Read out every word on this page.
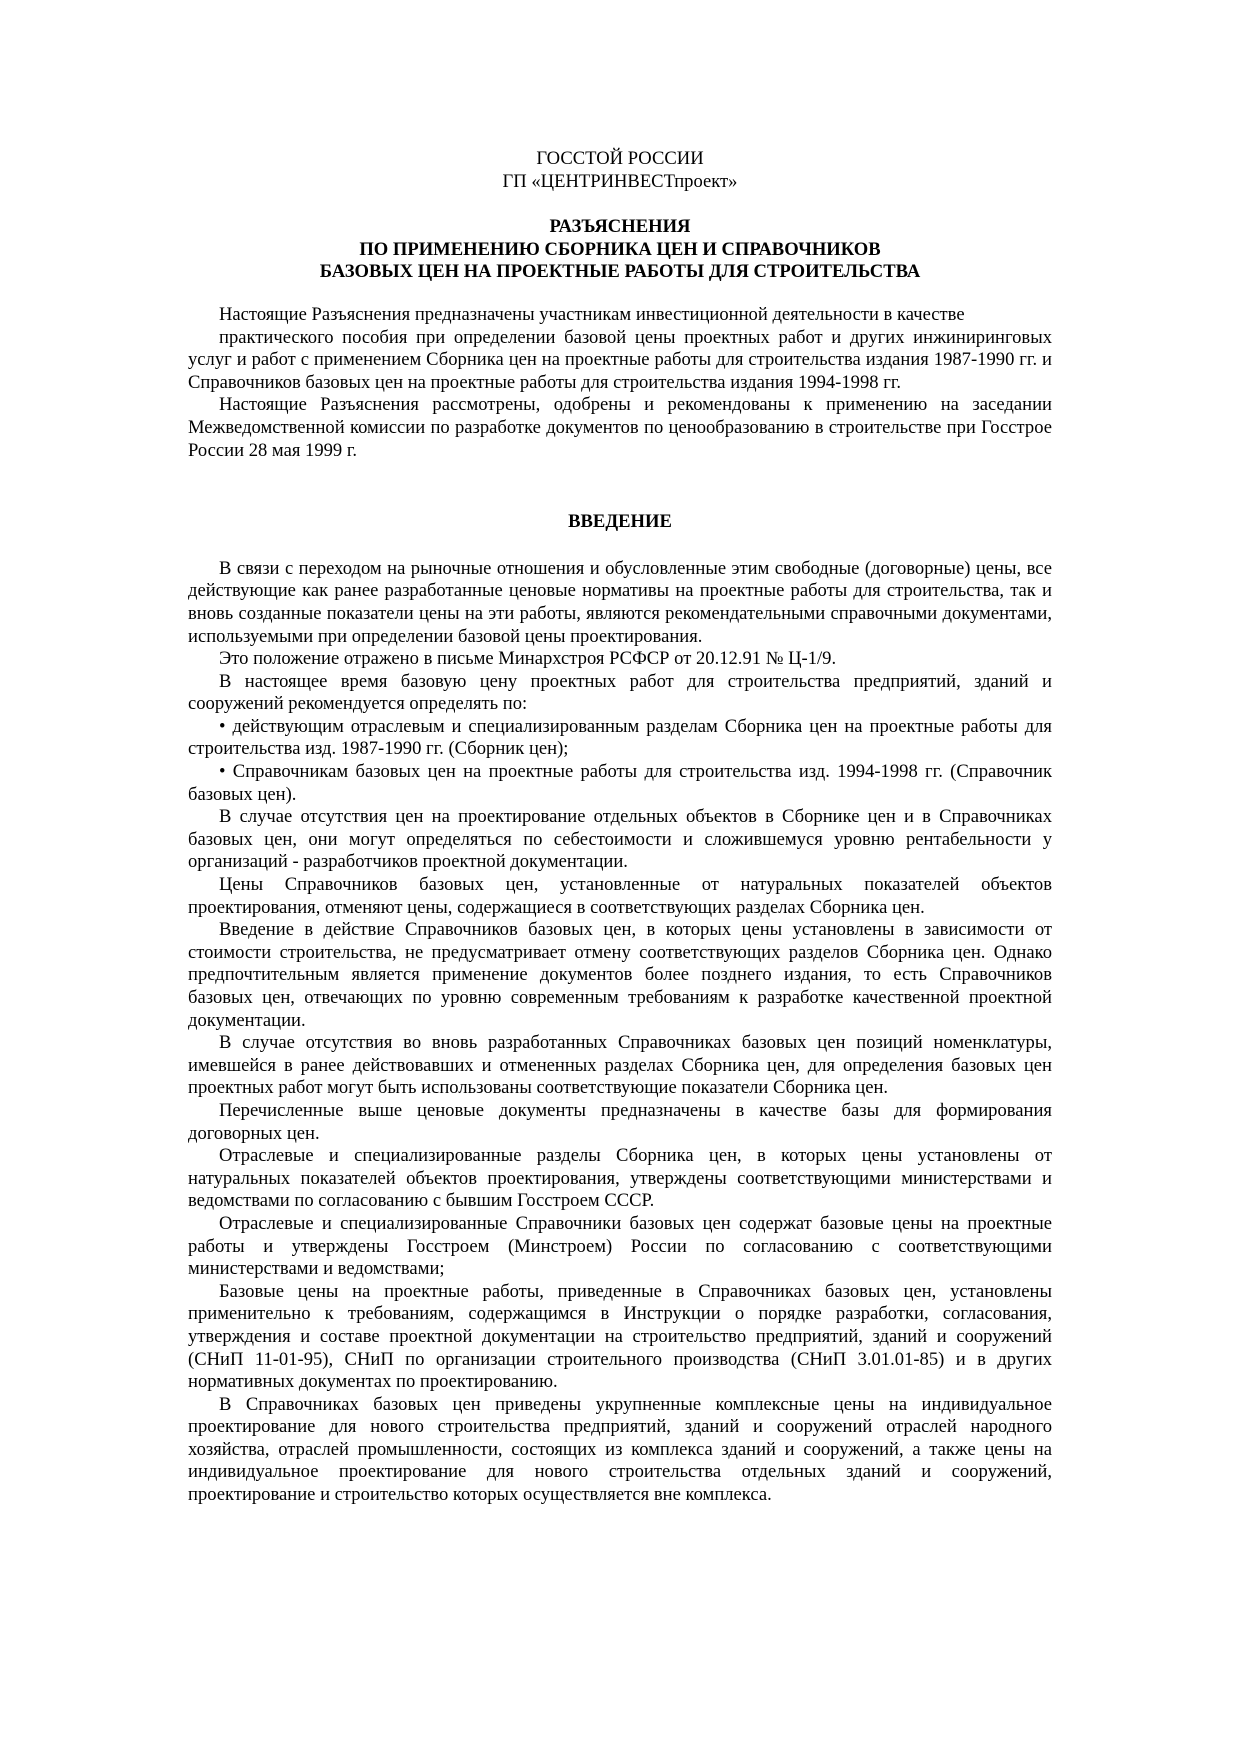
ГОССТОЙ РОССИИ
ГП «ЦЕНТРИНВЕСТпроект»
РАЗЪЯСНЕНИЯ
ПО ПРИМЕНЕНИЮ СБОРНИКА ЦЕН И СПРАВОЧНИКОВ
БАЗОВЫХ ЦЕН НА ПРОЕКТНЫЕ РАБОТЫ ДЛЯ СТРОИТЕЛЬСТВА

Настоящие Разъяснения предназначены участникам инвестиционной деятельности в качестве

практического пособия при определении базовой цены проектных работ и других инжиниринговых услуг и работ с применением Сборника цен на проектные работы для строительства издания 1987-1990 гг. и Справочников базовых цен на проектные работы для строительства издания 1994-1998 гг.

Настоящие Разъяснения рассмотрены, одобрены и рекомендованы к применению на заседании Межведомственной комиссии по разработке документов по ценообразованию в строительстве при Госстрое России 28 мая 1999 г.

ВВЕДЕНИЕ

В связи с переходом на рыночные отношения и обусловленные этим свободные (договорные) цены, все действующие как ранее разработанные ценовые нормативы на проектные работы для строительства, так и вновь созданные показатели цены на эти работы, являются рекомендательными справочными документами, используемыми при определении базовой цены проектирования.

Это положение отражено в письме Минархстроя РСФСР от 20.12.91 № Ц-1/9.

В настоящее время базовую цену проектных работ для строительства предприятий, зданий и сооружений рекомендуется определять по:

• действующим отраслевым и специализированным разделам Сборника цен на проектные работы для строительства изд. 1987-1990 гг. (Сборник цен);

• Справочникам базовых цен на проектные работы для строительства изд. 1994-1998 гг. (Справочник базовых цен).

В случае отсутствия цен на проектирование отдельных объектов в Сборнике цен и в Справочниках базовых цен, они могут определяться по себестоимости и сложившемуся уровню рентабельности у организаций - разработчиков проектной документации.

Цены Справочников базовых цен, установленные от натуральных показателей объектов проектирования, отменяют цены, содержащиеся в соответствующих разделах Сборника цен.

Введение в действие Справочников базовых цен, в которых цены установлены в зависимости от стоимости строительства, не предусматривает отмену соответствующих разделов Сборника цен. Однако предпочтительным является применение документов более позднего издания, то есть Справочников базовых цен, отвечающих по уровню современным требованиям к разработке качественной проектной документации.

В случае отсутствия во вновь разработанных Справочниках базовых цен позиций номенклатуры, имевшейся в ранее действовавших и отмененных разделах Сборника цен, для определения базовых цен проектных работ могут быть использованы соответствующие показатели Сборника цен.

Перечисленные выше ценовые документы предназначены в качестве базы для формирования договорных цен.

Отраслевые и специализированные разделы Сборника цен, в которых цены установлены от натуральных показателей объектов проектирования, утверждены соответствующими министерствами и ведомствами по согласованию с бывшим Госстроем СССР.

Отраслевые и специализированные Справочники базовых цен содержат базовые цены на проектные работы и утверждены Госстроем (Минстроем) России по согласованию с соответствующими министерствами и ведомствами;

Базовые цены на проектные работы, приведенные в Справочниках базовых цен, установлены применительно к требованиям, содержащимся в Инструкции о порядке разработки, согласования, утверждения и составе проектной документации на строительство предприятий, зданий и сооружений (СНиП 11-01-95), СНиП по организации строительного производства (СНиП 3.01.01-85) и в других нормативных документах по проектированию.

В Справочниках базовых цен приведены укрупненные комплексные цены на индивидуальное проектирование для нового строительства предприятий, зданий и сооружений отраслей народного хозяйства, отраслей промышленности, состоящих из комплекса зданий и сооружений, а также цены на индивидуальное проектирование для нового строительства отдельных зданий и сооружений, проектирование и строительство которых осуществляется вне комплекса.
